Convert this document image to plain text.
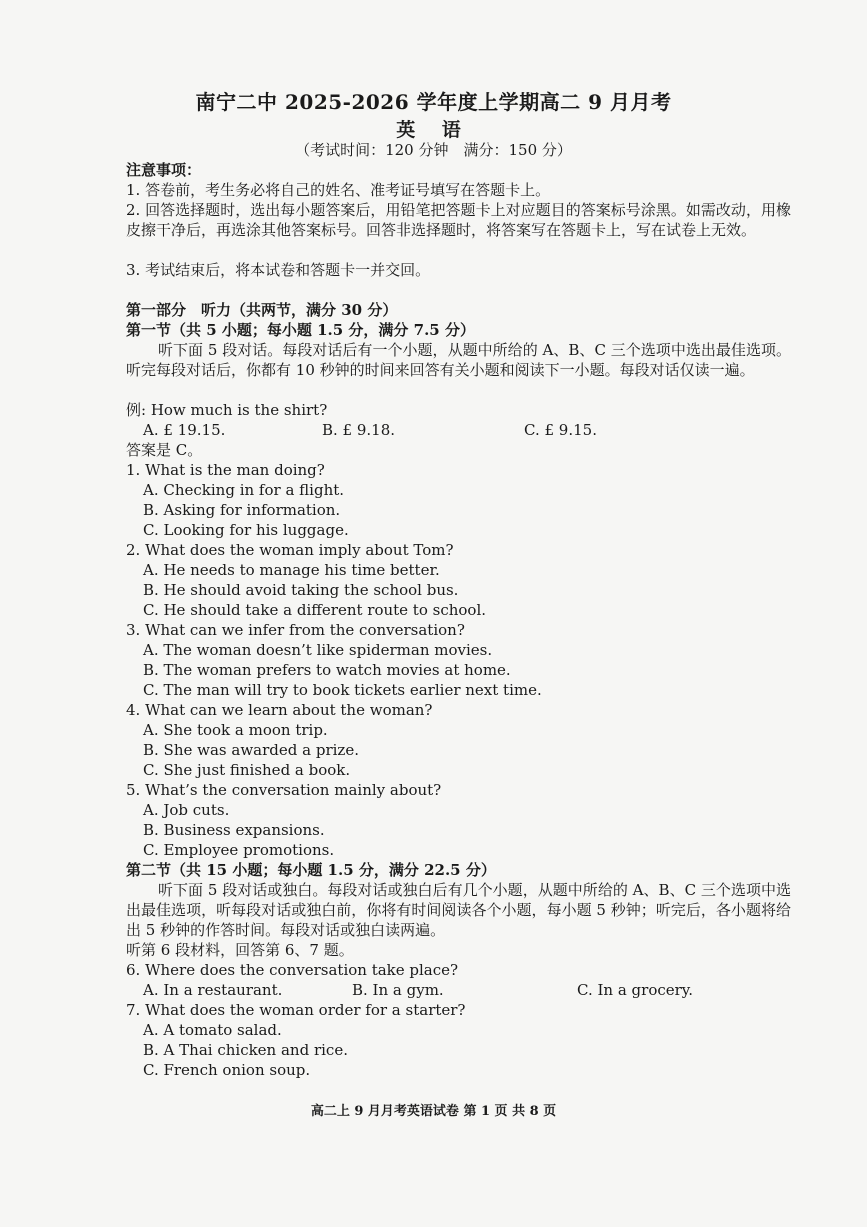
南宁二中 2025-2026 学年度上学期高二 9 月月考
英 语
（考试时间：120 分钟　满分：150 分）
注意事项：
1. 答卷前，考生务必将自己的姓名、准考证号填写在答题卡上。
2. 回答选择题时，选出每小题答案后，用铅笔把答题卡上对应题目的答案标号涂黑。如需改动，用橡皮擦干净后，再选涂其他答案标号。回答非选择题时，将答案写在答题卡上，写在试卷上无效。
3. 考试结束后，将本试卷和答题卡一并交回。
第一部分　听力（共两节，满分 30 分）
第一节（共 5 小题；每小题 1.5 分，满分 7.5 分）
听下面 5 段对话。每段对话后有一个小题，从题中所给的 A、B、C 三个选项中选出最佳选项。听完每段对话后，你都有 10 秒钟的时间来回答有关小题和阅读下一小题。每段对话仅读一遍。
例: How much is the shirt?
A. £ 19.15.	B. £ 9.18.	C. £ 9.15.
答案是 C。
1. What is the man doing?
A. Checking in for a flight.
B. Asking for information.
C. Looking for his luggage.
2. What does the woman imply about Tom?
A. He needs to manage his time better.
B. He should avoid taking the school bus.
C. He should take a different route to school.
3. What can we infer from the conversation?
A. The woman doesn’t like spiderman movies.
B. The woman prefers to watch movies at home.
C. The man will try to book tickets earlier next time.
4. What can we learn about the woman?
A. She took a moon trip.
B. She was awarded a prize.
C. She just finished a book.
5. What’s the conversation mainly about?
A. Job cuts.
B. Business expansions.
C. Employee promotions.
第二节（共 15 小题；每小题 1.5 分，满分 22.5 分）
听下面 5 段对话或独白。每段对话或独白后有几个小题，从题中所给的 A、B、C 三个选项中选出最佳选项，听每段对话或独白前，你将有时间阅读各个小题，每小题 5 秒钟；听完后，各小题将给出 5 秒钟的作答时间。每段对话或独白读两遍。
听第 6 段材料，回答第 6、7 题。
6. Where does the conversation take place?
A. In a restaurant.	B. In a gym.	C. In a grocery.
7. What does the woman order for a starter?
A. A tomato salad.
B. A Thai chicken and rice.
C. French onion soup.
高二上 9 月月考英语试卷 第 1 页 共 8 页
